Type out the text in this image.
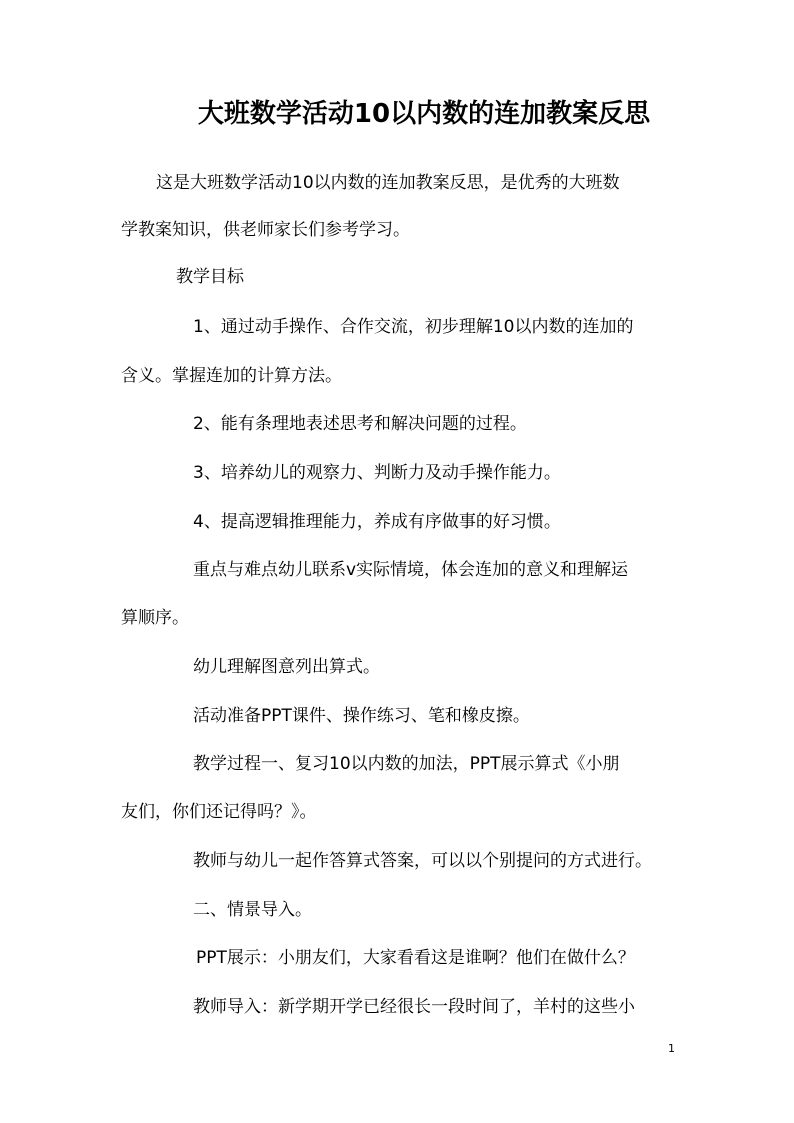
大班数学活动10以内数的连加教案反思
这是大班数学活动10以内数的连加教案反思，是优秀的大班数
学教案知识，供老师家长们参考学习。
教学目标
1、通过动手操作、合作交流，初步理解10以内数的连加的
含义。掌握连加的计算方法。
2、能有条理地表述思考和解决问题的过程。
3、培养幼儿的观察力、判断力及动手操作能力。
4、提高逻辑推理能力，养成有序做事的好习惯。
重点与难点幼儿联系v实际情境，体会连加的意义和理解运
算顺序。
幼儿理解图意列出算式。
活动准备PPT课件、操作练习、笔和橡皮擦。
教学过程一、复习10以内数的加法，PPT展示算式《小朋
友们，你们还记得吗？》。
教师与幼儿一起作答算式答案，可以以个别提问的方式进行。
二、情景导入。
PPT展示：小朋友们，大家看看这是谁啊？他们在做什么？
教师导入：新学期开学已经很长一段时间了，羊村的这些小
1
